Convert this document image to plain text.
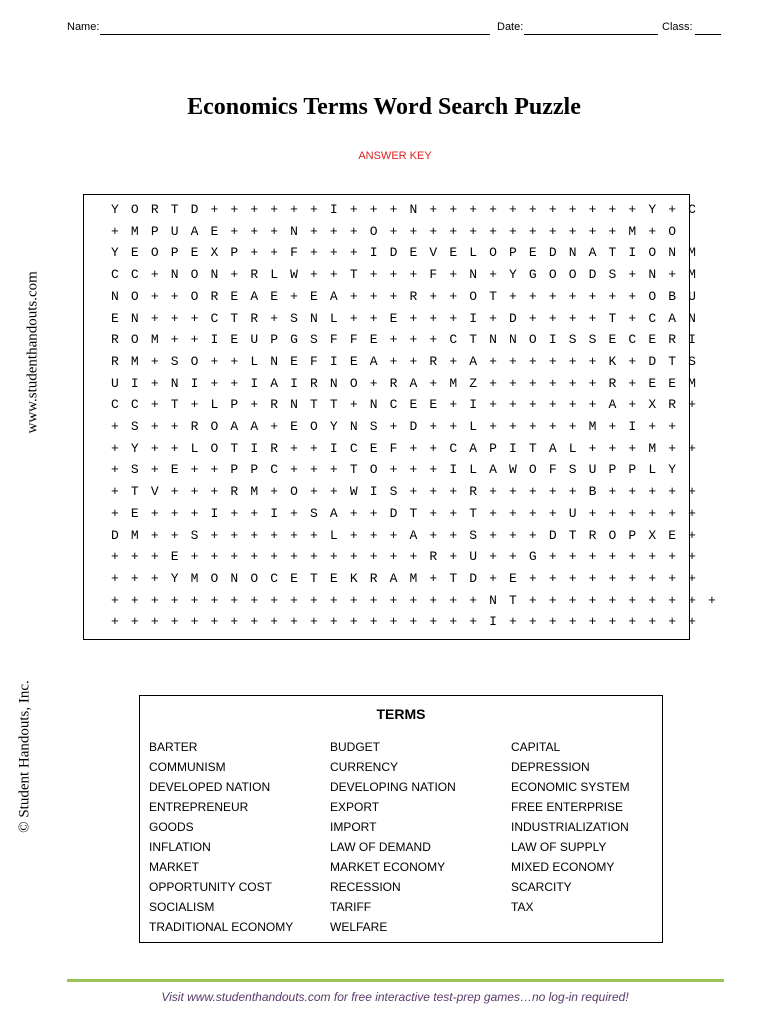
Name:	Date:	Class:
Economics Terms Word Search Puzzle
ANSWER KEY
www.studenthandouts.com
© Student Handouts, Inc.
Y O R T D + + + + + + I + + + N + + + + + + + + + + + Y + C
+ M P U A E + + + N + + + O + + + + + + + + + + + + M + O
Y E O P E X P + + F + + + I D E V E L O P E D N A T I O N M
C C + N O N + R L W + + T + + + F + N + Y G O O D S + N + M
N O + + O R E A E + E A + + + R + + O T + + + + + + + O B U
E N + + + C T R + S N L + + E + + + I + D + + + + T + C A N
R O M + + I E U P G S F F E + + + C T N N O I S S E C E R I
R M + S O + + L N E F I E A + + R + A + + + + + + K + D T S
U I + N I + + I A I R N O + R A + M Z + + + + + + R + E E M
C C + T + L P + R N T T + N C E E + I + + + + + + A + X R +
+ S + + R O A A + E O Y N S + D + + L + + + + + M + I + +
+ Y + + L O T I R + + I C E F + + C A P I T A L + + + M + +
+ S + E + + P P C + + + T O + + + I L A W O F S U P P L Y
+ T V + + + R M + O + + W I S + + + R + + + + + B + + + + +
+ E + + + I + + I + S A + + D T + + T + + + + U + + + + + +
D M + + S + + + + + + L + + + A + + S + + + D T R O P X E +
+ + + E + + + + + + + + + + + + R + U + + G + + + + + + + +
+ + + Y M O N O C E T E K R A M + T D + E + + + + + + + + +
+ + + + + + + + + + + + + + + + + + + N T + + + + + + + + + +
+ + + + + + + + + + + + + + + + + + + I + + + + + + + + + +
TERMS
BARTER
COMMUNISM
DEVELOPED NATION
ENTREPRENEUR
GOODS
INFLATION
MARKET
OPPORTUNITY COST
SOCIALISM
TRADITIONAL ECONOMY
BUDGET
CURRENCY
DEVELOPING NATION
EXPORT
IMPORT
LAW OF DEMAND
MARKET ECONOMY
RECESSION
TARIFF
WELFARE
CAPITAL
DEPRESSION
ECONOMIC SYSTEM
FREE ENTERPRISE
INDUSTRIALIZATION
LAW OF SUPPLY
MIXED ECONOMY
SCARCITY
TAX
Visit www.studenthandouts.com for free interactive test-prep games…no log-in required!
